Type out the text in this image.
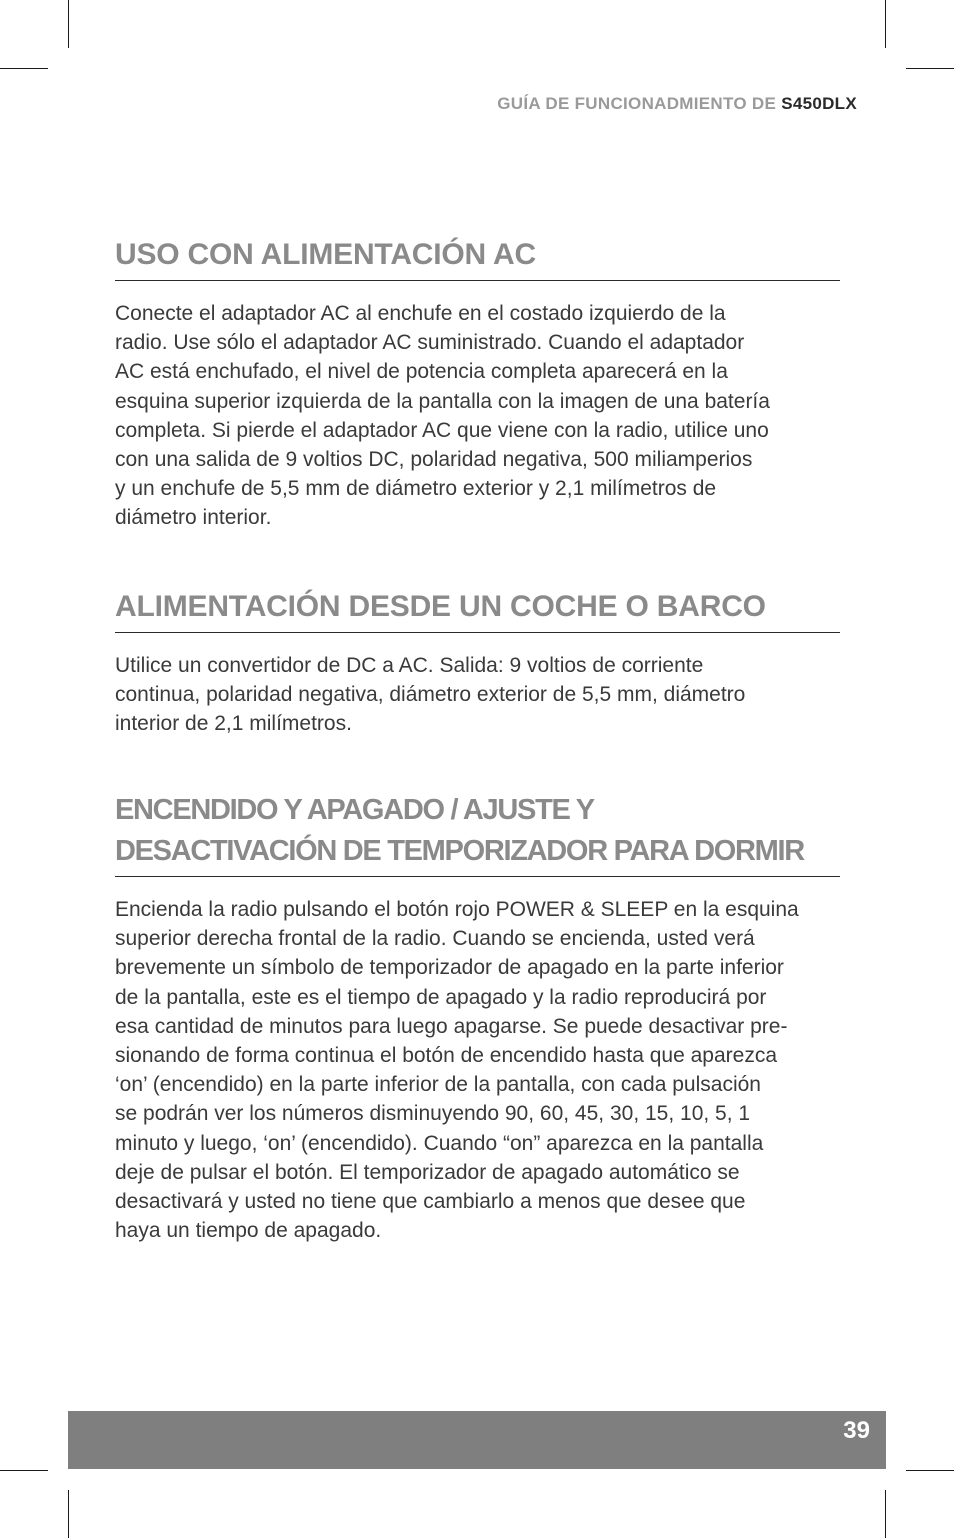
GUÍA DE FUNCIONADMIENTO DE S450DLX
USO CON ALIMENTACIÓN AC

Conecte el adaptador AC al enchufe en el costado izquierdo de la
radio. Use sólo el adaptador AC suministrado. Cuando el adaptador
AC está enchufado, el nivel de potencia completa aparecerá en la
esquina superior izquierda de la pantalla con la imagen de una batería
completa. Si pierde el adaptador AC que viene con la radio, utilice uno
con una salida de 9 voltios DC, polaridad negativa, 500 miliamperios
y un enchufe de 5,5 mm de diámetro exterior y 2,1 milímetros de
diámetro interior.

ALIMENTACIÓN DESDE UN COCHE O BARCO

Utilice un convertidor de DC a AC. Salida: 9 voltios de corriente
continua, polaridad negativa, diámetro exterior de 5,5 mm, diámetro
interior de 2,1 milímetros.

ENCENDIDO Y APAGADO / AJUSTE Y
DESACTIVACIÓN DE TEMPORIZADOR PARA DORMIR

Encienda la radio pulsando el botón rojo POWER & SLEEP en la esquina
superior derecha frontal de la radio. Cuando se encienda, usted verá
brevemente un símbolo de temporizador de apagado en la parte inferior
de la pantalla, este es el tiempo de apagado y la radio reproducirá por
esa cantidad de minutos para luego apagarse. Se puede desactivar pre-
sionando de forma continua el botón de encendido hasta que aparezca
‘on’ (encendido) en la parte inferior de la pantalla, con cada pulsación
se podrán ver los números disminuyendo 90, 60, 45, 30, 15, 10, 5, 1
minuto y luego, ‘on’ (encendido). Cuando “on” aparezca en la pantalla
deje de pulsar el botón. El temporizador de apagado automático se
desactivará y usted no tiene que cambiarlo a menos que desee que
haya un tiempo de apagado.

39
